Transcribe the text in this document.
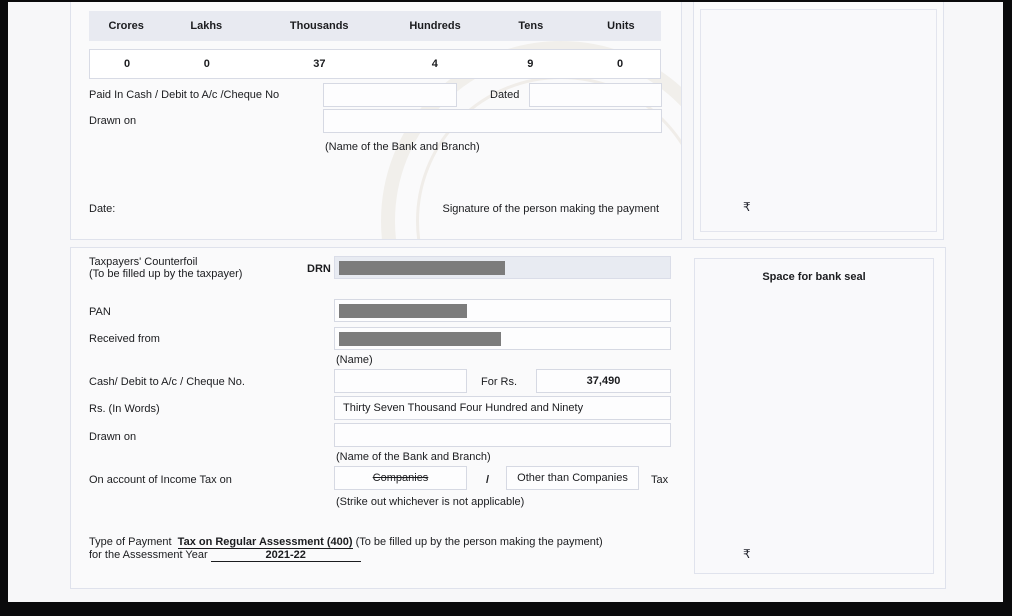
Crores	Lakhs	Thousands	Hundreds	Tens	Units
0	0	37	4	9	0
Paid In Cash / Debit to A/c /Cheque No	Dated
Drawn on
(Name of the Bank and Branch)
Date:	Signature of the person making the payment	₹
Taxpayers' Counterfoil
(To be filled up by the taxpayer)	DRN
PAN
Received from
(Name)
Cash/ Debit to A/c / Cheque No.	For Rs.	37,490
Rs. (In Words)	Thirty Seven Thousand Four Hundred and Ninety
Drawn on
(Name of the Bank and Branch)
On account of Income Tax on	Companies	/	Other than Companies	Tax
(Strike out whichever is not applicable)
Type of Payment Tax on Regular Assessment (400) (To be filled up by the person making the payment)
for the Assessment Year	2021-22
Space for bank seal
₹
